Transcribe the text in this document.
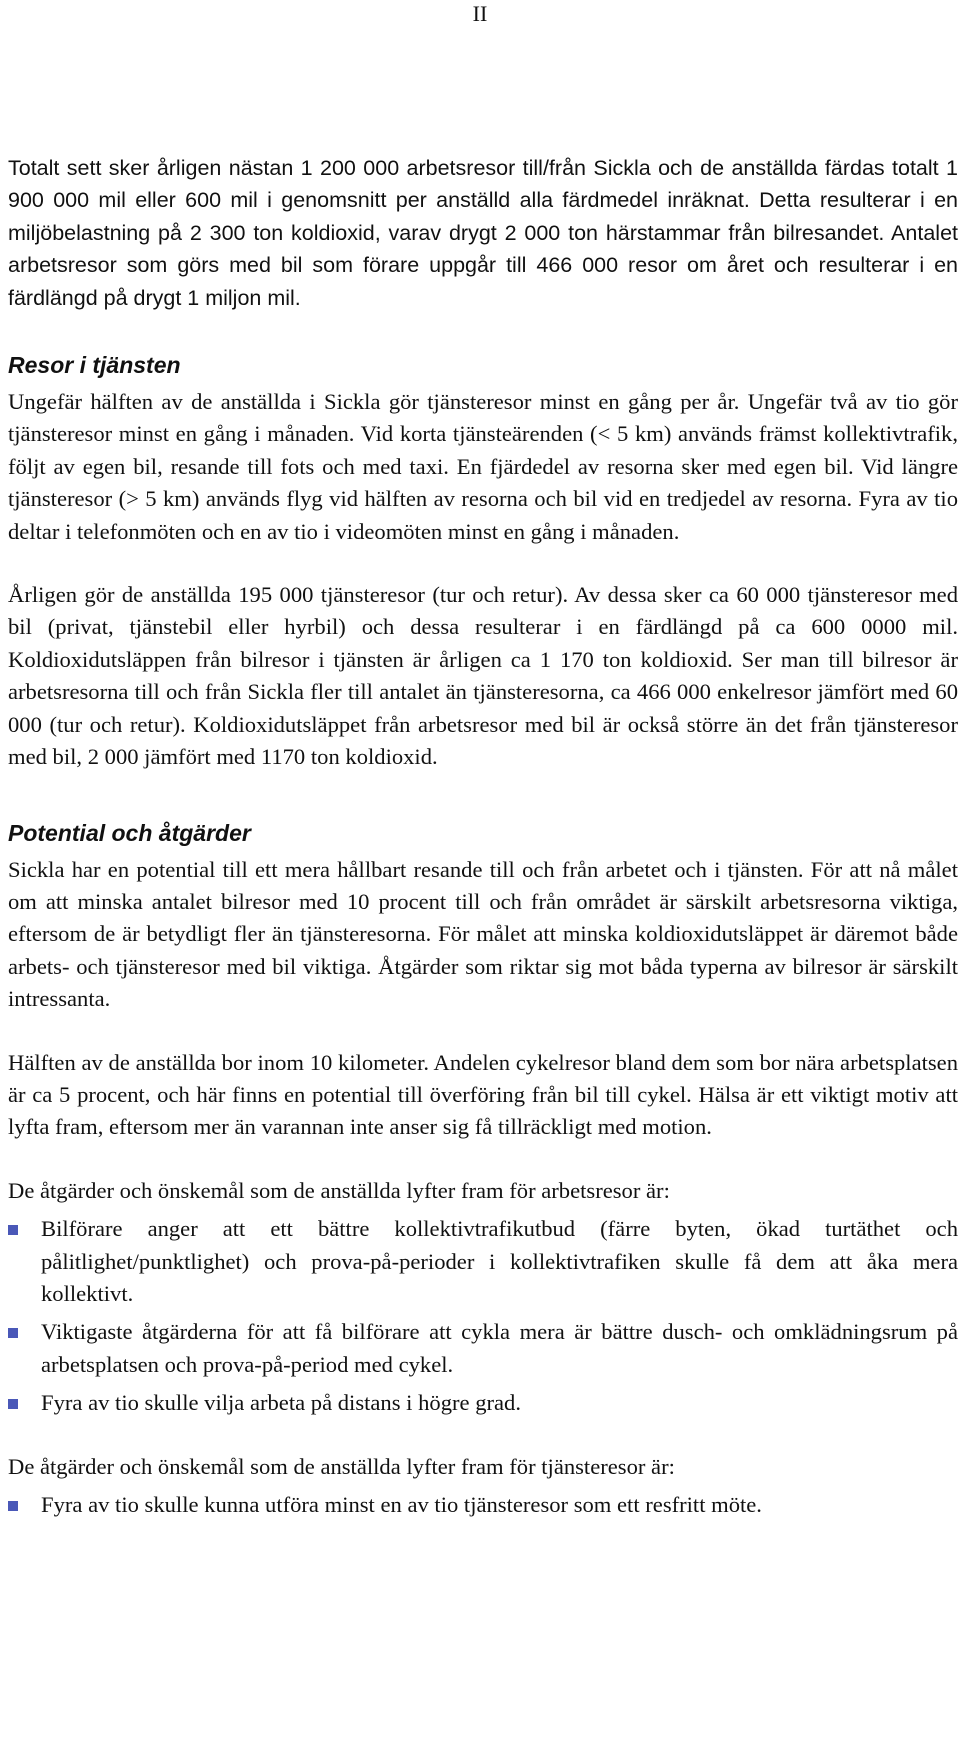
II

Totalt sett sker årligen nästan 1 200 000 arbetsresor till/från Sickla och de anställda färdas totalt 1 900 000 mil eller 600 mil i genomsnitt per anställd alla färdmedel inräknat. Detta resulterar i en miljöbelastning på 2 300 ton koldioxid, varav drygt 2 000 ton härstammar från bilresandet. Antalet arbetsresor som görs med bil som förare uppgår till 466 000 resor om året och resulterar i en färdlängd på drygt 1 miljon mil.

Resor i tjänsten

Ungefär hälften av de anställda i Sickla gör tjänsteresor minst en gång per år. Ungefär två av tio gör tjänsteresor minst en gång i månaden. Vid korta tjänsteärenden (< 5 km) används främst kollektivtrafik, följt av egen bil, resande till fots och med taxi. En fjärdedel av resorna sker med egen bil. Vid längre tjänsteresor (> 5 km) används flyg vid hälften av resorna och bil vid en tredjedel av resorna. Fyra av tio deltar i telefonmöten och en av tio i videomöten minst en gång i månaden.

Årligen gör de anställda 195 000 tjänsteresor (tur och retur). Av dessa sker ca 60 000 tjänsteresor med bil (privat, tjänstebil eller hyrbil) och dessa resulterar i en färdlängd på ca 600 0000 mil. Koldioxidutsläppen från bilresor i tjänsten är årligen ca 1 170 ton koldioxid. Ser man till bilresor är arbetsresorna till och från Sickla fler till antalet än tjänsteresorna, ca 466 000 enkelresor jämfört med 60 000 (tur och retur). Koldioxidutsläppet från arbetsresor med bil är också större än det från tjänsteresor med bil, 2 000 jämfört med 1170 ton koldioxid.

Potential och åtgärder

Sickla har en potential till ett mera hållbart resande till och från arbetet och i tjänsten. För att nå målet om att minska antalet bilresor med 10 procent till och från området är särskilt arbetsresorna viktiga, eftersom de är betydligt fler än tjänsteresorna. För målet att minska koldioxidutsläppet är däremot både arbets- och tjänsteresor med bil viktiga. Åtgärder som riktar sig mot båda typerna av bilresor är särskilt intressanta.

Hälften av de anställda bor inom 10 kilometer. Andelen cykelresor bland dem som bor nära arbetsplatsen är ca 5 procent, och här finns en potential till överföring från bil till cykel. Hälsa är ett viktigt motiv att lyfta fram, eftersom mer än varannan inte anser sig få tillräckligt med motion.

De åtgärder och önskemål som de anställda lyfter fram för arbetsresor är:

Bilförare anger att ett bättre kollektivtrafikutbud (färre byten, ökad turtäthet och pålitlighet/punktlighet) och prova-på-perioder i kollektivtrafiken skulle få dem att åka mera kollektivt.
Viktigaste åtgärderna för att få bilförare att cykla mera är bättre dusch- och omklädningsrum på arbetsplatsen och prova-på-period med cykel.
Fyra av tio skulle vilja arbeta på distans i högre grad.

De åtgärder och önskemål som de anställda lyfter fram för tjänsteresor är:

Fyra av tio skulle kunna utföra minst en av tio tjänsteresor som ett resfritt möte.
